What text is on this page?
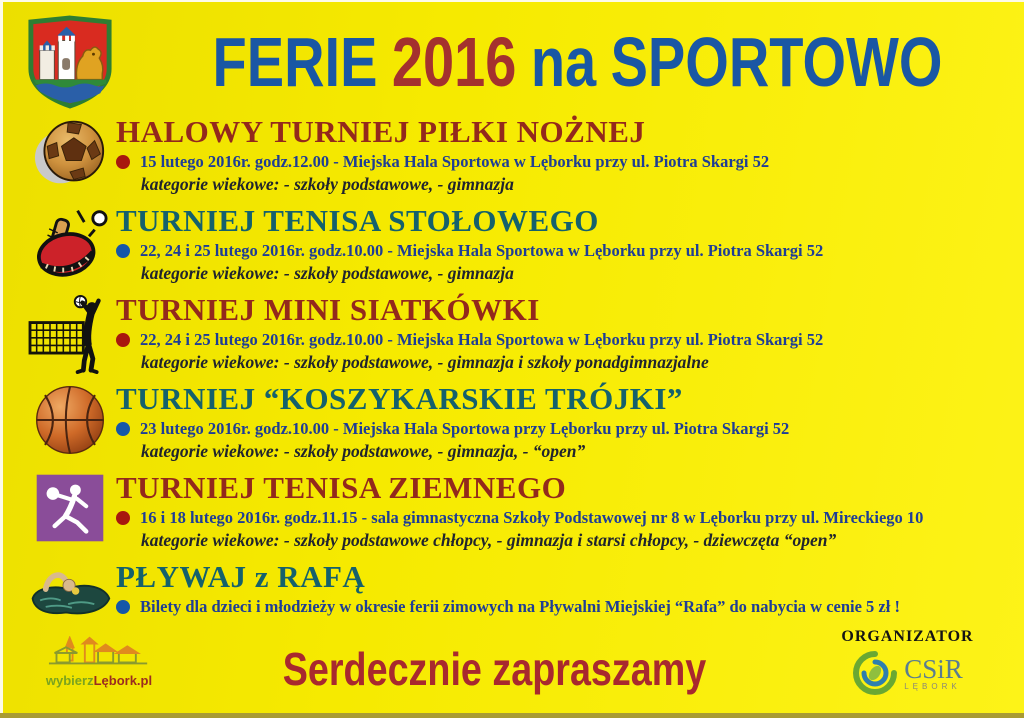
FERIE 2016 na SPORTOWO
HALOWY TURNIEJ PIŁKI NOŻNEJ
15 lutego 2016r. godz.12.00 - Miejska Hala Sportowa w Lęborku przy ul. Piotra Skargi 52
kategorie wiekowe: - szkoły podstawowe, - gimnazja
TURNIEJ TENISA STOŁOWEGO
22, 24 i 25 lutego 2016r. godz.10.00 - Miejska Hala Sportowa w Lęborku przy ul. Piotra Skargi 52
kategorie wiekowe: - szkoły podstawowe, - gimnazja
TURNIEJ MINI SIATKÓWKI
22, 24 i 25 lutego 2016r. godz.10.00 - Miejska Hala Sportowa w Lęborku przy ul. Piotra Skargi 52
kategorie wiekowe: - szkoły podstawowe, - gimnazja i szkoły ponadgimnazjalne
TURNIEJ “KOSZYKARSKIE TRÓJKI”
23 lutego 2016r. godz.10.00 - Miejska Hala Sportowa przy Lęborku przy ul. Piotra Skargi 52
kategorie wiekowe: - szkoły podstawowe, - gimnazja, - “open”
TURNIEJ TENISA ZIEMNEGO
16 i 18 lutego 2016r. godz.11.15 - sala gimnastyczna Szkoły Podstawowej nr 8 w Lęborku przy ul. Mireckiego 10
kategorie wiekowe: - szkoły podstawowe chłopcy, - gimnazja i starsi chłopcy, - dziewczęta “open”
PŁYWAJ z RAFĄ
Bilety dla dzieci i młodzieży w okresie ferii zimowych na Pływalni Miejskiej “Rafa” do nabycia w cenie 5 zł !
wybierzLębork.pl	Serdecznie zapraszamy
ORGANIZATOR
CSiR
LĘBORK
